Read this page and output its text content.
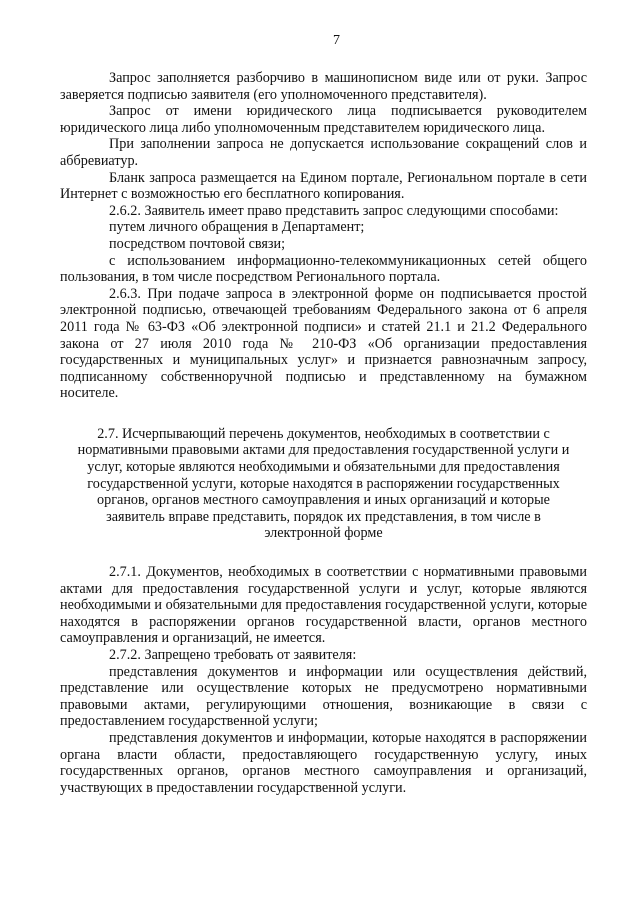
7

Запрос заполняется разборчиво в машинописном виде или от руки. Запрос заверяется подписью заявителя (его уполномоченного представителя).

Запрос от имени юридического лица подписывается руководителем юридического лица либо уполномоченным представителем юридического лица.

При заполнении запроса не допускается использование сокращений слов и аббревиатур.

Бланк запроса размещается на Едином портале, Региональном портале в сети Интернет с возможностью его бесплатного копирования.

2.6.2. Заявитель имеет право представить запрос следующими способами:

путем личного обращения в Департамент;

посредством почтовой связи;

с использованием информационно-телекоммуникационных сетей общего пользования, в том числе посредством Регионального портала.

2.6.3. При подаче запроса в электронной форме он подписывается простой электронной подписью, отвечающей требованиям Федерального закона от 6 апреля 2011 года № 63-ФЗ «Об электронной подписи» и статей 21.1 и 21.2 Федерального закона от 27 июля 2010 года № 210-ФЗ «Об организации предоставления государственных и муниципальных услуг» и признается равнозначным запросу, подписанному собственноручной подписью и представленному на бумажном носителе.

2.7. Исчерпывающий перечень документов, необходимых в соответствии с нормативными правовыми актами для предоставления государственной услуги и услуг, которые являются необходимыми и обязательными для предоставления государственной услуги, которые находятся в распоряжении государственных органов, органов местного самоуправления и иных организаций и которые заявитель вправе представить, порядок их представления, в том числе в электронной форме

2.7.1. Документов, необходимых в соответствии с нормативными правовыми актами для предоставления государственной услуги и услуг, которые являются необходимыми и обязательными для предоставления государственной услуги, которые находятся в распоряжении органов государственной власти, органов местного самоуправления и организаций, не имеется.

2.7.2. Запрещено требовать от заявителя:

представления документов и информации или осуществления действий, представление или осуществление которых не предусмотрено нормативными правовыми актами, регулирующими отношения, возникающие в связи с предоставлением государственной услуги;

представления документов и информации, которые находятся в распоряжении органа власти области, предоставляющего государственную услугу, иных государственных органов, органов местного самоуправления и организаций, участвующих в предоставлении государственной услуги.
